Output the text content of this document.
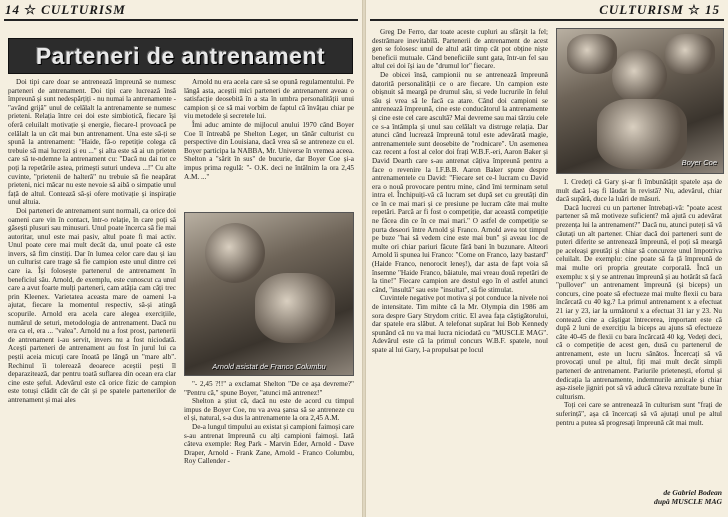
14 ☆ CULTURISM
Parteneri de antrenament

Doi tipi care doar se antrenează împreună se numesc parteneri de antrenament. Doi tipi care lucrează însă împreună și sunt nedespărțiți - nu numai la antrenamente - "având grijă" unul de celălalt la antrenamente se numesc prieteni. Relația între cei doi este simbiotică, fiecare își oferă celuilalt motivație și energie, fiecare-l provoacă pe celălalt la un cât mai bun antrenament. Una este să-ți se spună la antrenament: "Haide, fă-o repetiție colega că trebuie să mai lucrezi și eu ..." și alta este să ai un prieten care să te-ndemne la antrenament cu: "Dacă nu dai tot ce poți la repetările astea, primești suturi undeva ...!" Cu alte cuvinte, "prietenii de halteră" nu trebuie să fie neapărat prieteni, nici măcar nu este nevoie să aibă o simpatie unul față de altul. Contează să-și ofere motivație și inspirație unul altuia.

Doi parteneri de antrenament sunt normali, ca orice doi oameni care vin în contact, într-o relație, în care poți să găsești plusuri sau minusuri. Unul poate încerca să fie mai autoritar, unul este mai pasiv, altul poate fi mai activ. Unul poate cere mai mult decât da, unul poate că este invers, să fim cinstiți. Dar în lumea celor care dau și iau un culturist care trage să fie campion este unul dintre cei care ia. Își folosește partenerul de antrenament în beneficiul său. Arnold, de exemplu, este cunoscut ca unul care a avut foarte mulți parteneri, cam atâția cam câți trec prin Kleenex. Varietatea aceasta mare de oameni l-a ajutat, fiecare la momentul respectiv, să-și atingă scopurile. Arnold era acela care alegea exercițiile, numărul de seturi, metodologia de antrenament. Dacă nu era ca el, era ... "valea". Arnold nu a fost prost, partenerii de antrenament i-au servit, invers nu a fost niciodată. Acești parteneri de antrenament au fost în jurul lui ca peștii aceia micuți care înoată pe lângă un "mare alb". Rechinul îi tolerează deoarece aceștii pești îl deparazitează, dar pentru toată suflarea din ocean era clar cine este șeful. Adevărul este că orice fizic de campion este totuși clădit cât de cât și pe spatele partenerilor de antrenament și mai ales

Arnold nu era acela care să se opună regulamentului. Pe lângă asta, aceștii mici parteneri de antrenament aveau o satisfacție deosebită în a sta în umbra personalității unui campion și ce să mai vorbim de faptul că învățau chiar pe viu metodele și secretele lui.

Îmi aduc aminte de mijlocul anului 1970 când Boyer Coe îl întreabă pe Shelton Leger, un tânăr culturist cu perspective din Louisiana, dacă vrea să se antreneze cu el. Boyer participa la NABBA, Mr. Universe în vremea aceea. Shelton a "sărit în sus" de bucurie, dar Boyer Coe și-a impus prima regulă: "- O.K. deci ne întâlnim la ora 2,45 A.M. ..."

Arnold asistat de Franco Columbu

"- 2,45 ?!!" a exclamat Shelton "De ce așa devreme?" "Pentru că," spune Boyer, "atunci mă antrenez!"

Shelton a știut că, dacă nu este de acord cu timpul impus de Boyer Coe, nu va avea șansa să se antreneze cu el și, natural, s-a dus la antrenamente la ora 2,45 A.M.

De-a lungul timpului au existat și campioni faimoși care s-au antrenat împreună cu alți campioni faimoși. Iată câteva exemple: Reg Park - Marvin Eder, Arnold - Dave Draper, Arnold - Frank Zane, Arnold - Franco Columbu, Roy Callender -

CULTURISM ☆ 15

Greg De Ferro, dar toate aceste cupluri au sfârșit la fel; destrămare inevitabilă. Partenerii de antrenament de acest gen se folosesc unul de altul atât timp cât pot obține niște beneficii mutuale. Când beneficiile sunt gata, într-un fel sau altul cei doi își iau de "drumul lor" fiecare.

De obicei însă, campionii nu se antrenează împreună datorită personalității ce o are fiecare. Un campion este obișnuit să meargă pe drumul său, si vede lucrurile în felul său și vrea să le facă ca atare. Când doi campioni se antrenează împreună, cine este conducătorul la antrenamente și cine este cel care ascultă? Mai devreme sau mai târziu cele ce s-a întâmpla și unul sau celălalt va distruge relația. Dar atunci când lucrează împreună totul este adevărată magie, antrenamentele sunt deosebite de "rodnicare". Un asemenea caz recent a fost al celor doi frați W.B.F.-eri, Aaron Baker și David Dearth care s-au antrenat câțiva împreună pentru a face o revenire la I.F.B.B. Aaron Baker spune despre antrenamentele cu David: "Fiecare set ce-l lucram cu David era o nouă provocare pentru mine, când îmi terminam setul intra el. Închipuiți-vă că lucram set după set cu greutăți din ce în ce mai mari și ce presiune pe lucram câte mai multe repetări. Parcă ar fi fost o competiție, dar această competiție ne făcea din ce în ce mai mari." O astfel de competiție se purta deseori între Arnold și Franco. Arnold avea tot timpul pe buze "hai să vedem cine este mai bun" și aveau loc de multe ori chiar pariuri făcute fără bani în buzunare. Alteori Arnold îi spunea lui Franco: "Come on Franco, lazy bastard" (Haide Franco, nenorocit leneș!), dar asta de fapt voia să însemne "Haide Franco, băiatule, mai vreau două repetări de la tine!" Fiecare campion are destul ego în el astfel atunci când, "insultă" sau este "insultat", să fie stimulat.

Cuvintele negative pot motiva și pot conduce la nivele noi de intensitate. Tim mihte că la Mr. Olympia din 1986 am sora despre Gary Strydom critic. El avea fața căștigătorului, dar spatele era slăbut. A telefonat supărat lui Bob Kennedy spunând că nu va mai lucra niciodată cu "MUSCLE MAG". Adevărul este că la primul concurs W.B.F. spatele, noul spate al lui Gary, l-a propulsat pe locul

Boyer Coe

I. Credeți că Gary și-ar fi îmbunătățit spatele așa de mult dacă l-aș fi lăudat în revistă? Nu, adevărul, chiar dacă supără, duce la luări de măsuri.

Dacă lucrezi cu un partener întrebați-vă: "poate acest partener să mă motiveze suficient? mă ajută cu adevărat prezența lui la antrenament?" Dacă nu, atunci puteți să vă căutați un alt partener. Chiar dacă doi parteneri sunt de puteri diferite se antrenează împreună, el poți să meargă pe aceleași greutăți și chiar să concureze unul împotriva celuilalt. De exemplu: cine poate să fa ță împreună de mai multe ori propria greutate corporală. Încă un exemplu: x și y se antrenau împreună și au hotărât să facă "pullover" un antrenament împreună (și biceps) un concurs, cine poate să efectueze mai multe flexii cu bara încărcată cu 40 kg.? La primul antrenament x a efectuat 21 iar y 23, iar la următorul x a efectuat 31 iar y 23. Nu contează cine a câștigat întrecerea, important este că după 2 luni de exercițiu la biceps au ajuns să efectueze câte 40-45 de flexii cu bara încărcată 40 kg. Vedeți deci, că o competiție de acest gen, dusă cu partenerul de antrenament, este un lucru sănătos. Încercați să vă provocați unul pe altul, fiți mai mult decât simpli parteneri de antrenament. Pariurile prietenești, efortul și dedicația la antrenamente, indemnurile amicale și chiar așa-zisele jigniri pot să vă aducă câteva rezultate bune în culturism.

Toți cei care se antrenează în culturism sunt "frați de suferință", așa că încercați să vă ajutați unul pe altul pentru a putea să progresați împreună cât mai mult.

de Gabriel Bodean
după MUSCLE MAG
